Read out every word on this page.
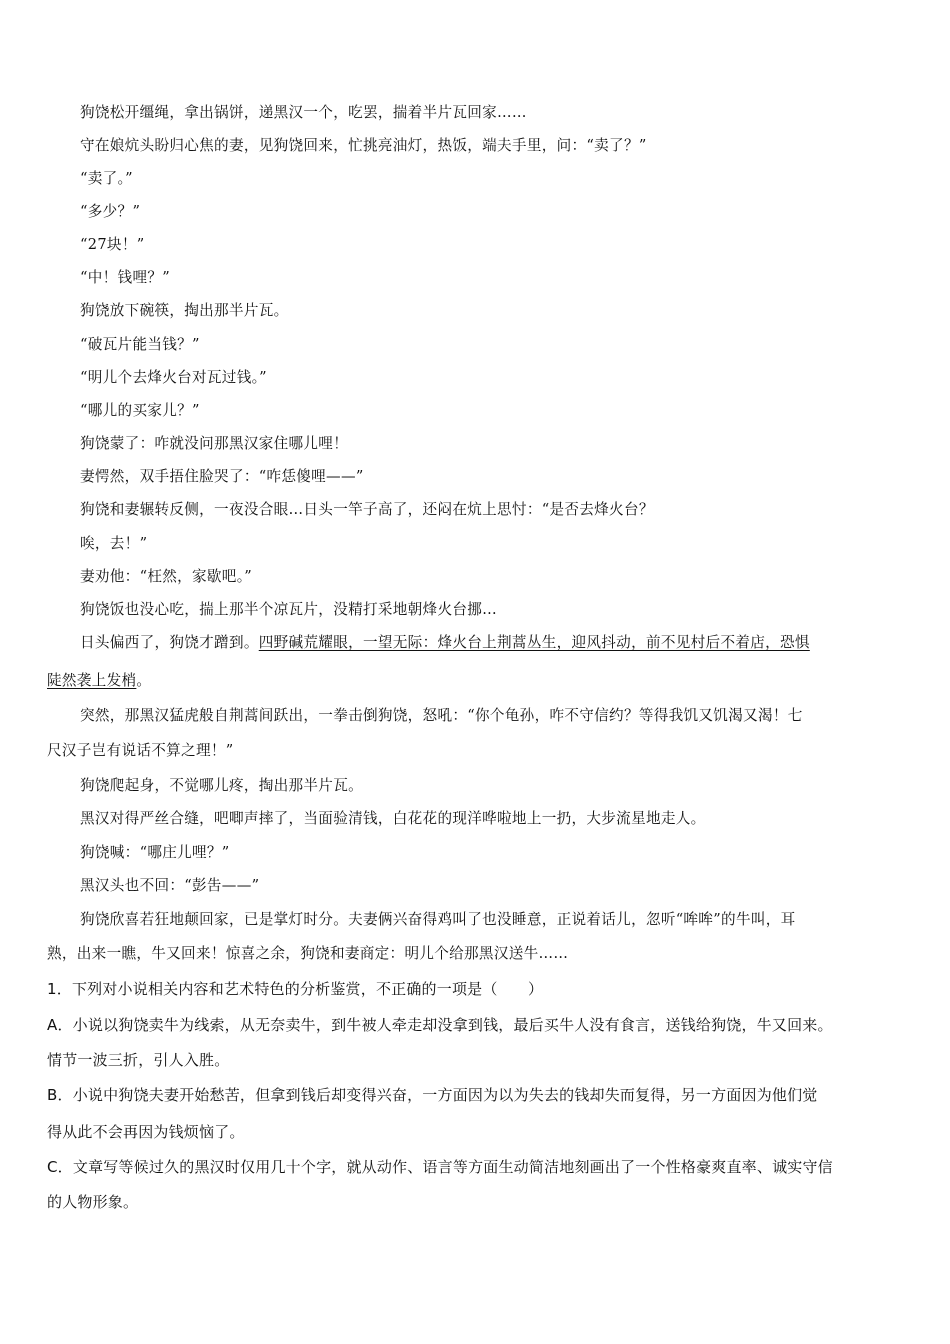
狗饶松开缰绳，拿出锅饼，递黑汉一个，吃罢，揣着半片瓦回家……
守在娘炕头盼归心焦的妻，见狗饶回来，忙挑亮油灯，热饭，端夫手里，问：“卖了？”
“卖了。”
“多少？”
“27块！”
“中！钱哩？”
狗饶放下碗筷，掏出那半片瓦。
“破瓦片能当钱？”
“明儿个去烽火台对瓦过钱。”
“哪儿的买家儿？”
狗饶蒙了：咋就没问那黑汉家住哪儿哩！
妻愕然，双手捂住脸哭了：“咋恁傻哩——”
狗饶和妻辗转反侧，一夜没合眼…日头一竿子高了，还闷在炕上思忖：“是否去烽火台？
唉，去！”
妻劝他：“枉然，家歇吧。”
狗饶饭也没心吃，揣上那半个凉瓦片，没精打采地朝烽火台挪…
日头偏西了，狗饶才蹭到。四野碱荒耀眼，一望无际：烽火台上荆蒿丛生，迎风抖动，前不见村后不着店，恐惧
陡然袭上发梢。
突然，那黑汉猛虎般自荆蒿间跃出，一拳击倒狗饶，怒吼：“你个龟孙，咋不守信约？等得我饥又饥渴又渴！七
尺汉子岂有说话不算之理！”
狗饶爬起身，不觉哪儿疼，掏出那半片瓦。
黑汉对得严丝合缝，吧唧声摔了，当面验清钱，白花花的现洋哗啦地上一扔，大步流星地走人。
狗饶喊：“哪庄儿哩？”
黑汉头也不回：“彭吿——”
狗饶欣喜若狂地颠回家，已是掌灯时分。夫妻俩兴奋得鸡叫了也没睡意，正说着话儿，忽听“哞哞”的牛叫，耳
熟，出来一瞧，牛又回来！惊喜之余，狗饶和妻商定：明儿个给那黑汉送牛……
1．下列对小说相关内容和艺术特色的分析鉴赏，不正确的一项是（　　）
A．小说以狗饶卖牛为线索，从无奈卖牛，到牛被人牵走却没拿到钱，最后买牛人没有食言，送钱给狗饶，牛又回来。
情节一波三折，引人入胜。
B．小说中狗饶夫妻开始愁苦，但拿到钱后却变得兴奋，一方面因为以为失去的钱却失而复得，另一方面因为他们觉
得从此不会再因为钱烦恼了。
C．文章写等候过久的黑汉时仅用几十个字，就从动作、语言等方面生动简洁地刻画出了一个性格豪爽直率、诚实守信
的人物形象。
